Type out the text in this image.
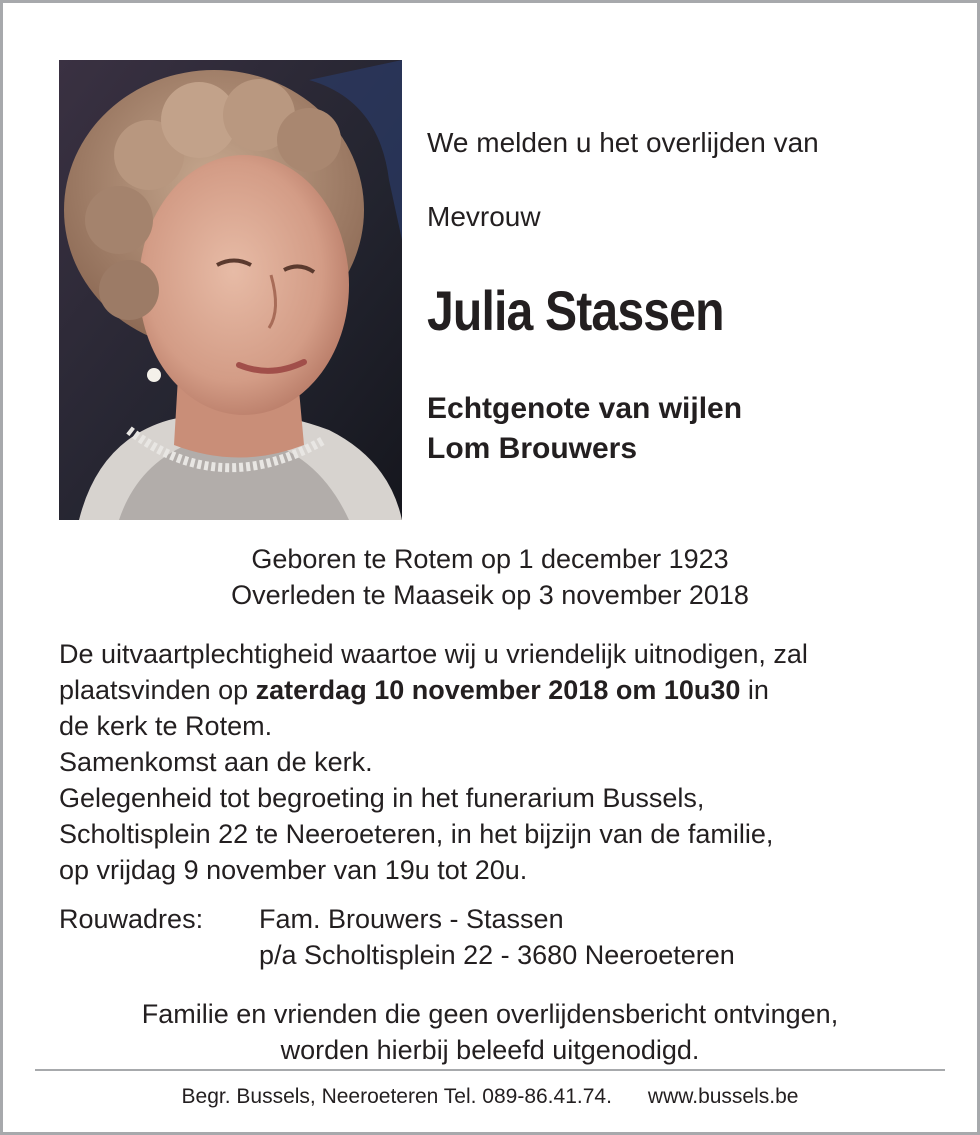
We melden u het overlijden van
Mevrouw
Julia Stassen
Echtgenote van wijlen
Lom Brouwers
Geboren te Rotem op 1 december 1923
Overleden te Maaseik op 3 november 2018
De uitvaartplechtigheid waartoe wij u vriendelijk uitnodigen, zal
plaatsvinden op zaterdag 10 november 2018 om 10u30 in
de kerk te Rotem.
Samenkomst aan de kerk.
Gelegenheid tot begroeting in het funerarium Bussels,
Scholtisplein 22 te Neeroeteren, in het bijzijn van de familie,
op vrijdag 9 november van 19u tot 20u.
Rouwadres: Fam. Brouwers - Stassen
p/a Scholtisplein 22 - 3680 Neeroeteren
Familie en vrienden die geen overlijdensbericht ontvingen,
worden hierbij beleefd uitgenodigd.
Begr. Bussels, Neeroeteren Tel. 089-86.41.74. www.bussels.be
